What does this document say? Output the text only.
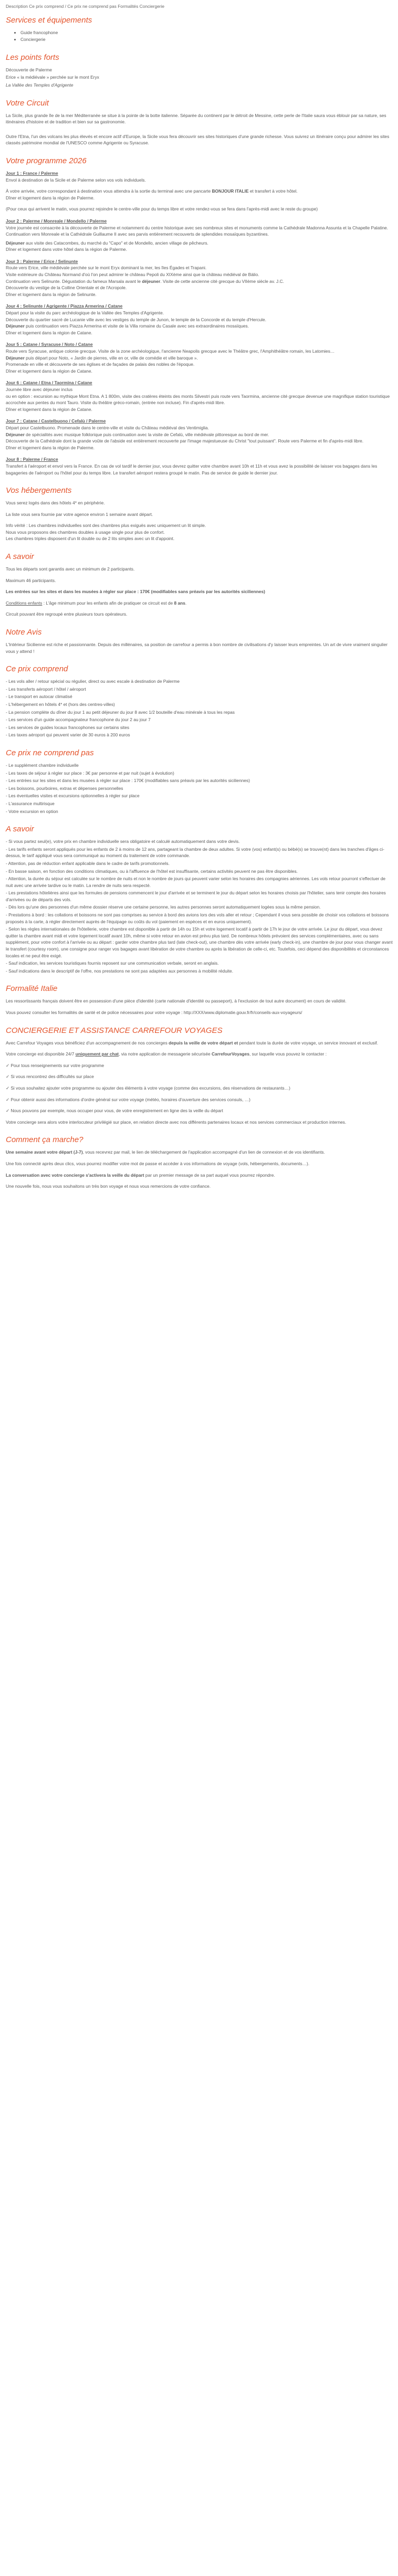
Description Ce prix comprend / Ce prix ne comprend pas Formalités Conciergerie
Services et équipements
• Guide francophone
• Conciergerie
Les points forts

Découverte de Palerme

Erice « la médiévale » perchée sur le mont Eryx

La Vallée des Temples d'Agrigente

Votre Circuit

La Sicile, plus grande île de la mer Méditerranée se situe à la pointe de la botte italienne. Séparée du continent par le détroit de Messine, cette perle de l'Italie saura vous éblouir par sa nature, ses itinéraires d'histoire et de tradition et bien sur sa gastronomie.

Outre l'Etna, l'un des volcans les plus élevés et encore actif d'Europe, la Sicile vous fera découvrir ses sites historiques d'une grande richesse. Vous suivrez un itinéraire conçu pour admirer les sites classés patrimoine mondial de l'UNESCO comme Agrigente ou Syracuse.

Votre programme 2026
Jour 1 : France / Palerme

Envol à destination de la Sicile et de Palerme selon vos vols individuels.

À votre arrivée, votre correspondant à destination vous attendra à la sortie du terminal avec une pancarte BONJOUR ITALIE et transfert à votre hôtel.

Dîner et logement dans la région de Palerme.

(Pour ceux qui arrivent le matin, vous pourrez rejoindre le centre-ville pour du temps libre et votre rendez-vous se fera dans l'après-midi avec le reste du groupe)

Jour 2 : Palerme / Monreale / Mondello / Palerme

Votre journée est consacrée à la découverte de Palerme et notamment du centre historique avec ses nombreux sites et monuments comme la Cathédrale Madonna Assunta et la Chapelle Palatine. Continuation vers Monreale et la Cathédrale Guillaume II avec ses parvis entièrement recouverts de splendides mosaïques byzantines.

Déjeuner aux visite des Catacombes, du marché du "Capo" et de Mondello, ancien village de pêcheurs.

Dîner et logement dans votre hôtel dans la région de Palerme.

Jour 3 : Palerme / Erice / Selinunte

Route vers Erice, ville médiévale perchée sur le mont Eryx dominant la mer, les îles Égades et Trapani.

Visite extérieure du Château Normand d'où l'on peut admirer le château Pepoli du XIXème ainsi que la château médiéval de Bàlio.

Continuation vers Selinunte. Dégustation du fameux Marsala avant le déjeuner. Visite de cette ancienne cité grecque du VIIème siècle av. J.C.

Découverte du vestige de la Colline Orientale et de l'Acropole.

Dîner et logement dans la région de Selinunte.

Jour 4 : Selinunte / Agrigente / Piazza Armerina / Catane

Départ pour la visite du parc archéologique de la Vallée des Temples d'Agrigente.

Découverte du quartier sacré de Lucanie ville avec les vestiges du temple de Junon, le temple de la Concorde et du temple d'Hercule.

Déjeuner puis continuation vers Piazza Armerina et visite de la Villa romaine du Casale avec ses extraordinaires mosaïques.

Dîner et logement dans la région de Catane.

Jour 5 : Catane / Syracuse / Noto / Catane

Route vers Syracuse, antique colonie grecque. Visite de la zone archéologique, l'ancienne Neapolis grecque avec le Théâtre grec, l'Amphithéâtre romain, les Latomies…

Déjeuner puis départ pour Noto, « Jardin de pierres, ville en or, ville de comédie et ville baroque ».

Promenade en ville et découverte de ses églises et de façades de palais des nobles de l'époque.

Dîner et logement dans la région de Catane.

Jour 6 : Catane / Etna / Taormina / Catane

Journée libre avec déjeuner inclus

ou en option : excursion au mythique Mont Etna. A 1 800m, visite des cratères éteints des monts Silvestri puis route vers Taormina, ancienne cité grecque devenue une magnifique station touristique accrochée aux pentes du mont Tauro. Visite du théâtre gréco-romain, (entrée non incluse). Fin d'après-midi libre.

Dîner et logement dans la région de Catane.

Jour 7 : Catane / Castelbuono / Cefalù / Palerme

Départ pour Castelbuono. Promenade dans le centre-ville et visite du Château médiéval des Ventimiglia.

Déjeuner de spécialités avec musique folklorique puis continuation avec la visite de Cefalù, ville médiévale pittoresque au bord de mer.

Découverte de la Cathédrale dont la grande voûte de l'abside est entièrement recouverte par l'image majestueuse du Christ "tout puissant". Route vers Palerme et fin d'après-midi libre.

Dîner et logement dans la région de Palerme.

Jour 8 : Palerme / France

Transfert à l'aéroport et envol vers la France. En cas de vol tardif le dernier jour, vous devrez quitter votre chambre avant 10h et 11h et vous avez la possibilité de laisser vos bagages dans les bagageries de l'aéroport ou l'hôtel pour du temps libre. Le transfert aéroport restera groupé le matin. Pas de service de guide le dernier jour.

Vos hébergements

Vous serez logés dans des hôtels 4* en périphérie.

La liste vous sera fournie par votre agence environ 1 semaine avant départ.

Info vérité : Les chambres individuelles sont des chambres plus exiguës avec uniquement un lit simple.

Nous vous proposons des chambres doubles à usage single pour plus de confort.

Les chambres triples disposent d'un lit double ou de 2 lits simples avec un lit d'appoint.

A savoir

Tous les départs sont garantis avec un minimum de 2 participants.

Maximum 46 participants.

Les entrées sur les sites et dans les musées à régler sur place : 170€ (modifiables sans préavis par les autorités siciliennes)

Conditions enfants : L'âge minimum pour les enfants afin de pratiquer ce circuit est de 8 ans.

Circuit pouvant être regroupé entre plusieurs tours opérateurs.

Notre Avis

L'Intérieur Sicilienne est riche et passionnante. Depuis des millénaires, sa position de carrefour a permis à bon nombre de civilisations d'y laisser leurs empreintes. Un art de vivre vraiment singulier vous y attend !

Ce prix comprend

- Les vols aller / retour spécial ou régulier, direct ou avec escale à destination de Palerme

- Les transferts aéroport / hôtel / aéroport

- Le transport en autocar climatisé

- L'hébergement en hôtels 4* et (hors des centres-villes)

- La pension complète du dîner du jour 1 au petit déjeuner du jour 8 avec 1/2 bouteille d'eau minérale à tous les repas

- Les services d'un guide accompagnateur francophone du jour 2 au jour 7

- Les services de guides locaux francophones sur certains sites

- Les taxes aéroport qui peuvent varier de 30 euros à 200 euros

Ce prix ne comprend pas

- Le supplément chambre individuelle

- Les taxes de séjour à régler sur place : 3€ par personne et par nuit (sujet à évolution)

- Les entrées sur les sites et dans les musées à régler sur place : 170€ (modifiables sans préavis par les autorités siciliennes)

- Les boissons, pourboires, extras et dépenses personnelles

- Les éventuelles visites et excursions optionnelles à régler sur place

- L'assurance multirisque

- Votre excursion en option

A savoir

- Si vous partez seul(e), votre prix en chambre individuelle sera obligatoire et calculé automatiquement dans votre devis.

- Les tarifs enfants seront appliqués pour les enfants de 2 à moins de 12 ans, partageant la chambre de deux adultes. Si votre (vos) enfant(s) ou bébé(s) se trouve(nt) dans les tranches d'âges ci-dessus, le tarif appliqué vous sera communiqué au moment du traitement de votre commande.

- Attention, pas de réduction enfant applicable dans le cadre de tarifs promotionnels.

- En basse saison, en fonction des conditions climatiques, ou à l'affluence de l'hôtel est insuffisante, certains activités peuvent ne pas être disponibles.

- Attention, la durée du séjour est calculée sur le nombre de nuits et non le nombre de jours qui peuvent varier selon les horaires des compagnies aériennes. Les vols retour pourront s'effectuer de nuit avec une arrivée tardive ou le matin. La rendre de nuits sera respecté.

- Les prestations hôtelières ainsi que les formules de pensions commencent le jour d'arrivée et se terminent le jour du départ selon les horaires choisis par l'hôtelier, sans tenir compte des horaires d'arrivées ou de départs des vols.

- Dès lors qu'une des personnes d'un même dossier réserve une certaine personne, les autres personnes seront automatiquement logées sous la même pension.

- Prestations à bord : les collations et boissons ne sont pas comprises au service à bord des avions lors des vols aller et retour ; Cependant il vous sera possible de choisir vos collations et boissons proposés à la carte, à régler directement auprès de l'équipage ou coûts du vol (paiement en espèces et en euros uniquement).

- Selon les règles internationales de l'hôtellerie, votre chambre est disponible à partir de 14h ou 15h et votre logement locatif à partir de 17h le jour de votre arrivée. Le jour du départ, vous devez quitter la chambre avant midi et votre logement locatif avant 10h, même si votre retour en avion est prévu plus tard. De nombreux hôtels prévoient des services complémentaires, avec ou sans supplément, pour votre confort à l'arrivée ou au départ : garder votre chambre plus tard (late check-out), une chambre dès votre arrivée (early check-in), une chambre de jour pour vous changer avant le transfert (courtesy room), une consigne pour ranger vos bagages avant libération de votre chambre ou après la libération de celle-ci, etc. Toutefois, ceci dépend des disponibilités et circonstances locales et ne peut être exigé.

- Sauf indication, les services touristiques fournis reposent sur une communication verbale, seront en anglais.

- Sauf indications dans le descriptif de l'offre, nos prestations ne sont pas adaptées aux personnes à mobilité réduite.

Formalité Italie

Les ressortissants français doivent être en possession d'une pièce d'identité (carte nationale d'identité ou passeport), à l'exclusion de tout autre document) en cours de validité.

Vous pouvez consulter les formalités de santé et de police nécessaires pour votre voyage : http://XXX/www.diplomatie.gouv.fr/fr/conseils-aux-voyageurs/

CONCIERGERIE ET ASSISTANCE CARREFOUR VOYAGES

Avec Carrefour Voyages vous bénéficiez d'un accompagnement de nos concierges depuis la veille de votre départ et pendant toute la durée de votre voyage, un service innovant et exclusif.

Votre concierge est disponible 24/7 uniquement par chat, via notre application de messagerie sécurisée CarrefourVoyages, sur laquelle vous pouvez le contacter :

✓ Pour tous renseignements sur votre programme

✓ Si vous rencontrez des difficultés sur place

✓ Si vous souhaitez ajouter votre programme ou ajouter des éléments à votre voyage (comme des excursions, des réservations de restaurants…)

✓ Pour obtenir aussi des informations d'ordre général sur votre voyage (météo, horaires d'ouverture des services consuls, …)

✓ Nous pouvons par exemple, nous occuper pour vous, de votre enregistrement en ligne des la veille du départ

Votre concierge sera alors votre interlocuteur privilégié sur place, en relation directe avec nos différents partenaires locaux et nos services commerciaux et production internes.

Comment ça marche?

Une semaine avant votre départ (J-7), vous recevrez par mail, le lien de téléchargement de l'application accompagné d'un lien de connexion et de vos identifiants.

Une fois connecté après deux clics, vous pourrez modifier votre mot de passe et accéder à vos informations de voyage (vols, hébergements, documents…).

La conversation avec votre concierge s'activera la veille du départ par un premier message de sa part auquel vous pourrez répondre.

Une nouvelle fois, nous vous souhaitons un très bon voyage et nous vous remercions de votre confiance.
